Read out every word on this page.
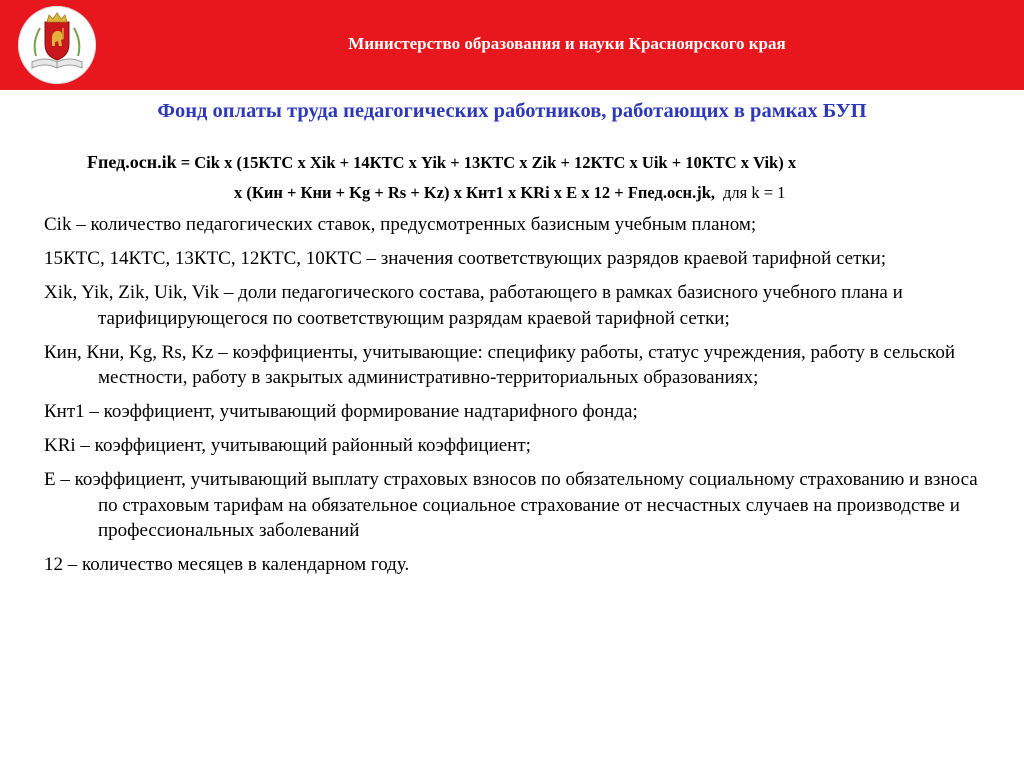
Министерство образования и науки Красноярского края
Фонд оплаты труда педагогических работников, работающих в рамках БУП
Fпед.осн.ik = Cik х (15КТС х Xik + 14КТС х Yik + 13КТС х Zik + 12КТС х Uik + 10КТС х Vik) х
х (Кин + Кни + Kg + Rs + Kz) х Кнт1 х KRi х E х 12 + Fпед.осн.jk, для k = 1
Cik – количество педагогических ставок, предусмотренных базисным учебным планом;
15КТС, 14КТС, 13КТС, 12КТС, 10КТС – значения соответствующих разрядов краевой тарифной сетки;
Xik, Yik, Zik, Uik, Vik – доли педагогического состава, работающего в рамках базисного учебного плана и тарифицирующегося по соответствующим разрядам краевой тарифной сетки;
Кин, Кни, Kg, Rs, Kz – коэффициенты, учитывающие: специфику работы, статус учреждения, работу в сельской местности, работу в закрытых административно-территориальных образованиях;
Кнт1 – коэффициент, учитывающий формирование надтарифного фонда;
KRi – коэффициент, учитывающий районный коэффициент;
E – коэффициент, учитывающий выплату страховых взносов по обязательному социальному страхованию и взноса по страховым тарифам на обязательное социальное страхование от несчастных случаев на производстве и профессиональных заболеваний
12 – количество месяцев в календарном году.
